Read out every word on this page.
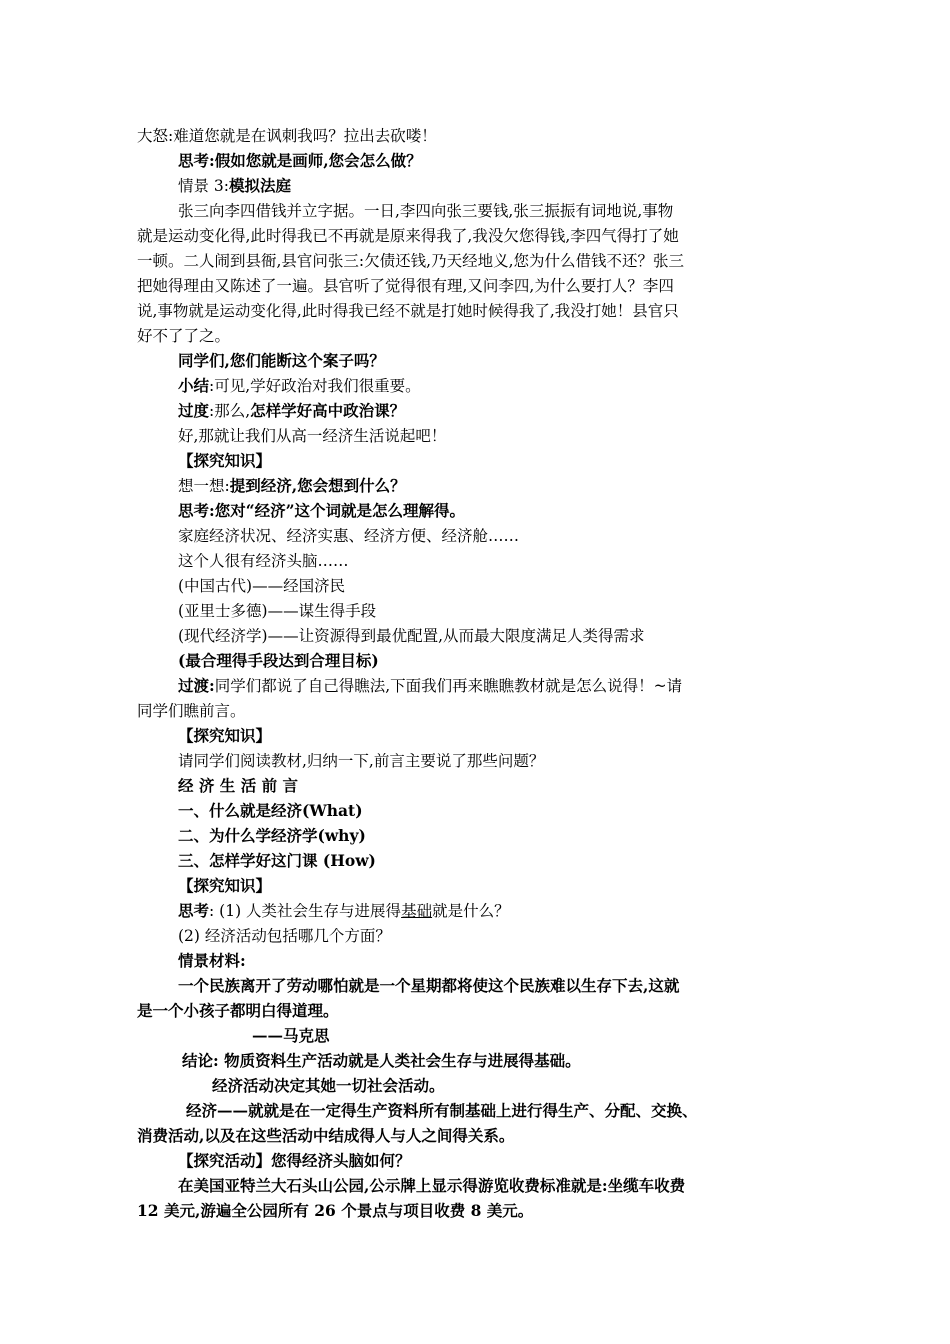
大怒:难道您就是在讽刺我吗？拉出去砍喽！
思考:假如您就是画师,您会怎么做？
情景 3:模拟法庭
张三向李四借钱并立字据。一日,李四向张三要钱,张三振振有词地说,事物
就是运动变化得,此时得我已不再就是原来得我了,我没欠您得钱,李四气得打了她
一顿。二人闹到县衙,县官问张三:欠债还钱,乃天经地义,您为什么借钱不还？张三
把她得理由又陈述了一遍。县官听了觉得很有理,又问李四,为什么要打人？李四
说,事物就是运动变化得,此时得我已经不就是打她时候得我了,我没打她！县官只
好不了了之。
同学们,您们能断这个案子吗？
小结:可见,学好政治对我们很重要。
过度:那么,怎样学好高中政治课？
好,那就让我们从高一经济生活说起吧！
【探究知识】
想一想:提到经济,您会想到什么？
思考:您对“经济”这个词就是怎么理解得。
家庭经济状况、经济实惠、经济方便、经济舱……
这个人很有经济头脑……
(中国古代)——经国济民
(亚里士多德)——谋生得手段
(现代经济学)——让资源得到最优配置,从而最大限度满足人类得需求
(最合理得手段达到合理目标)
过渡:同学们都说了自己得瞧法,下面我们再来瞧瞧教材就是怎么说得！~请
同学们瞧前言。
【探究知识】
请同学们阅读教材,归纳一下,前言主要说了那些问题？
经 济 生 活 前 言
一、什么就是经济(What)
二、为什么学经济学(why)
三、怎样学好这门课 (How)
【探究知识】
思考: (1) 人类社会生存与进展得基础就是什么？
(2) 经济活动包括哪几个方面？
情景材料:
一个民族离开了劳动哪怕就是一个星期都将使这个民族难以生存下去,这就
是一个小孩子都明白得道理。
——马克思
结论: 物质资料生产活动就是人类社会生存与进展得基础。
经济活动决定其她一切社会活动。
经济——就就是在一定得生产资料所有制基础上进行得生产、分配、交换、
消费活动,以及在这些活动中结成得人与人之间得关系。
【探究活动】您得经济头脑如何？
在美国亚特兰大石头山公园,公示牌上显示得游览收费标准就是:坐缆车收费
12 美元,游遍全公园所有 26 个景点与项目收费 8 美元。
